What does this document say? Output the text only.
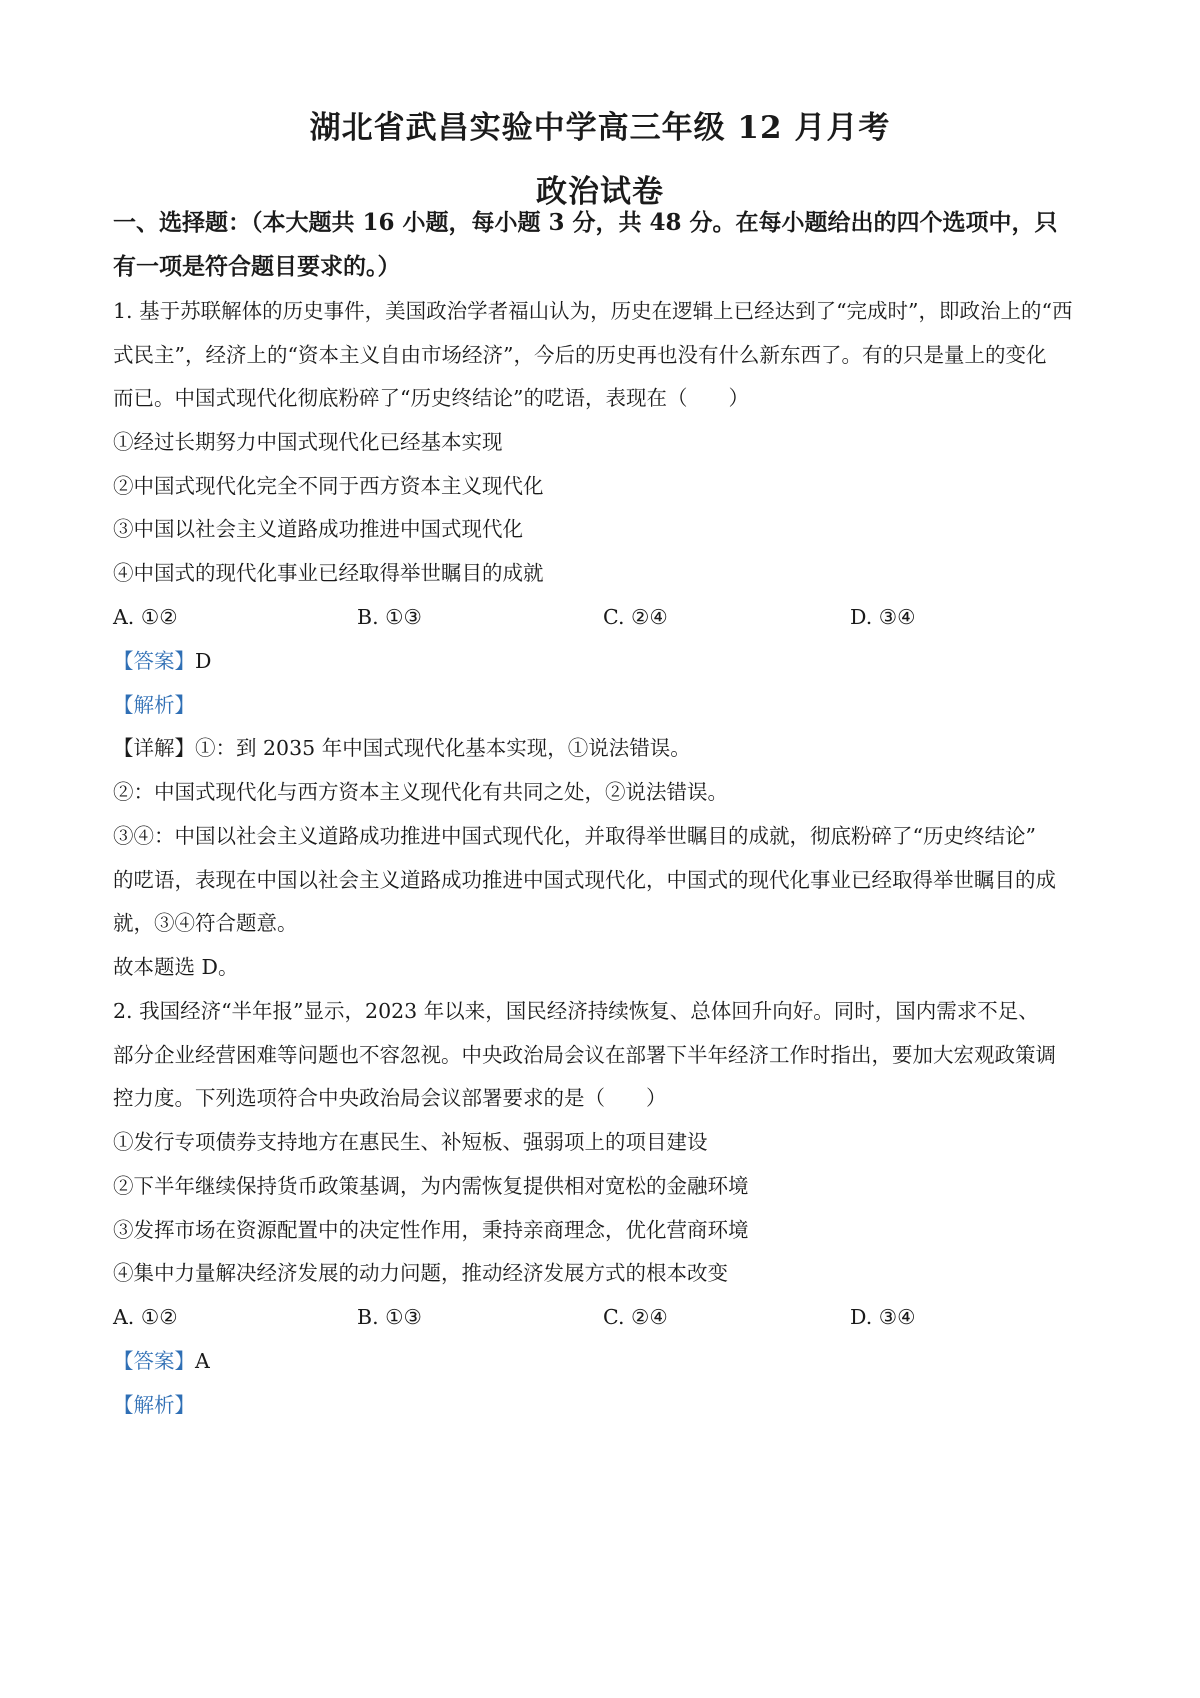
湖北省武昌实验中学高三年级 12 月月考
政治试卷
一、选择题：（本大题共 16 小题，每小题 3 分，共 48 分。在每小题给出的四个选项中，只
有一项是符合题目要求的。）
1. 基于苏联解体的历史事件，美国政治学者福山认为，历史在逻辑上已经达到了“完成时”，即政治上的“西
式民主”，经济上的“资本主义自由市场经济”，今后的历史再也没有什么新东西了。有的只是量上的变化
而已。中国式现代化彻底粉碎了“历史终结论”的呓语，表现在（　　）
①经过长期努力中国式现代化已经基本实现
②中国式现代化完全不同于西方资本主义现代化
③中国以社会主义道路成功推进中国式现代化
④中国式的现代化事业已经取得举世瞩目的成就
A. ①②	B. ①③	C. ②④	D. ③④
【答案】D
【解析】
【详解】①：到 2035 年中国式现代化基本实现，①说法错误。
②：中国式现代化与西方资本主义现代化有共同之处，②说法错误。
③④：中国以社会主义道路成功推进中国式现代化，并取得举世瞩目的成就，彻底粉碎了“历史终结论”
的呓语，表现在中国以社会主义道路成功推进中国式现代化，中国式的现代化事业已经取得举世瞩目的成
就，③④符合题意。
故本题选 D。
2. 我国经济“半年报”显示，2023 年以来，国民经济持续恢复、总体回升向好。同时，国内需求不足、
部分企业经营困难等问题也不容忽视。中央政治局会议在部署下半年经济工作时指出，要加大宏观政策调
控力度。下列选项符合中央政治局会议部署要求的是（　　）
①发行专项债券支持地方在惠民生、补短板、强弱项上的项目建设
②下半年继续保持货币政策基调，为内需恢复提供相对宽松的金融环境
③发挥市场在资源配置中的决定性作用，秉持亲商理念，优化营商环境
④集中力量解决经济发展的动力问题，推动经济发展方式的根本改变
A. ①②	B. ①③	C. ②④	D. ③④
【答案】A
【解析】
